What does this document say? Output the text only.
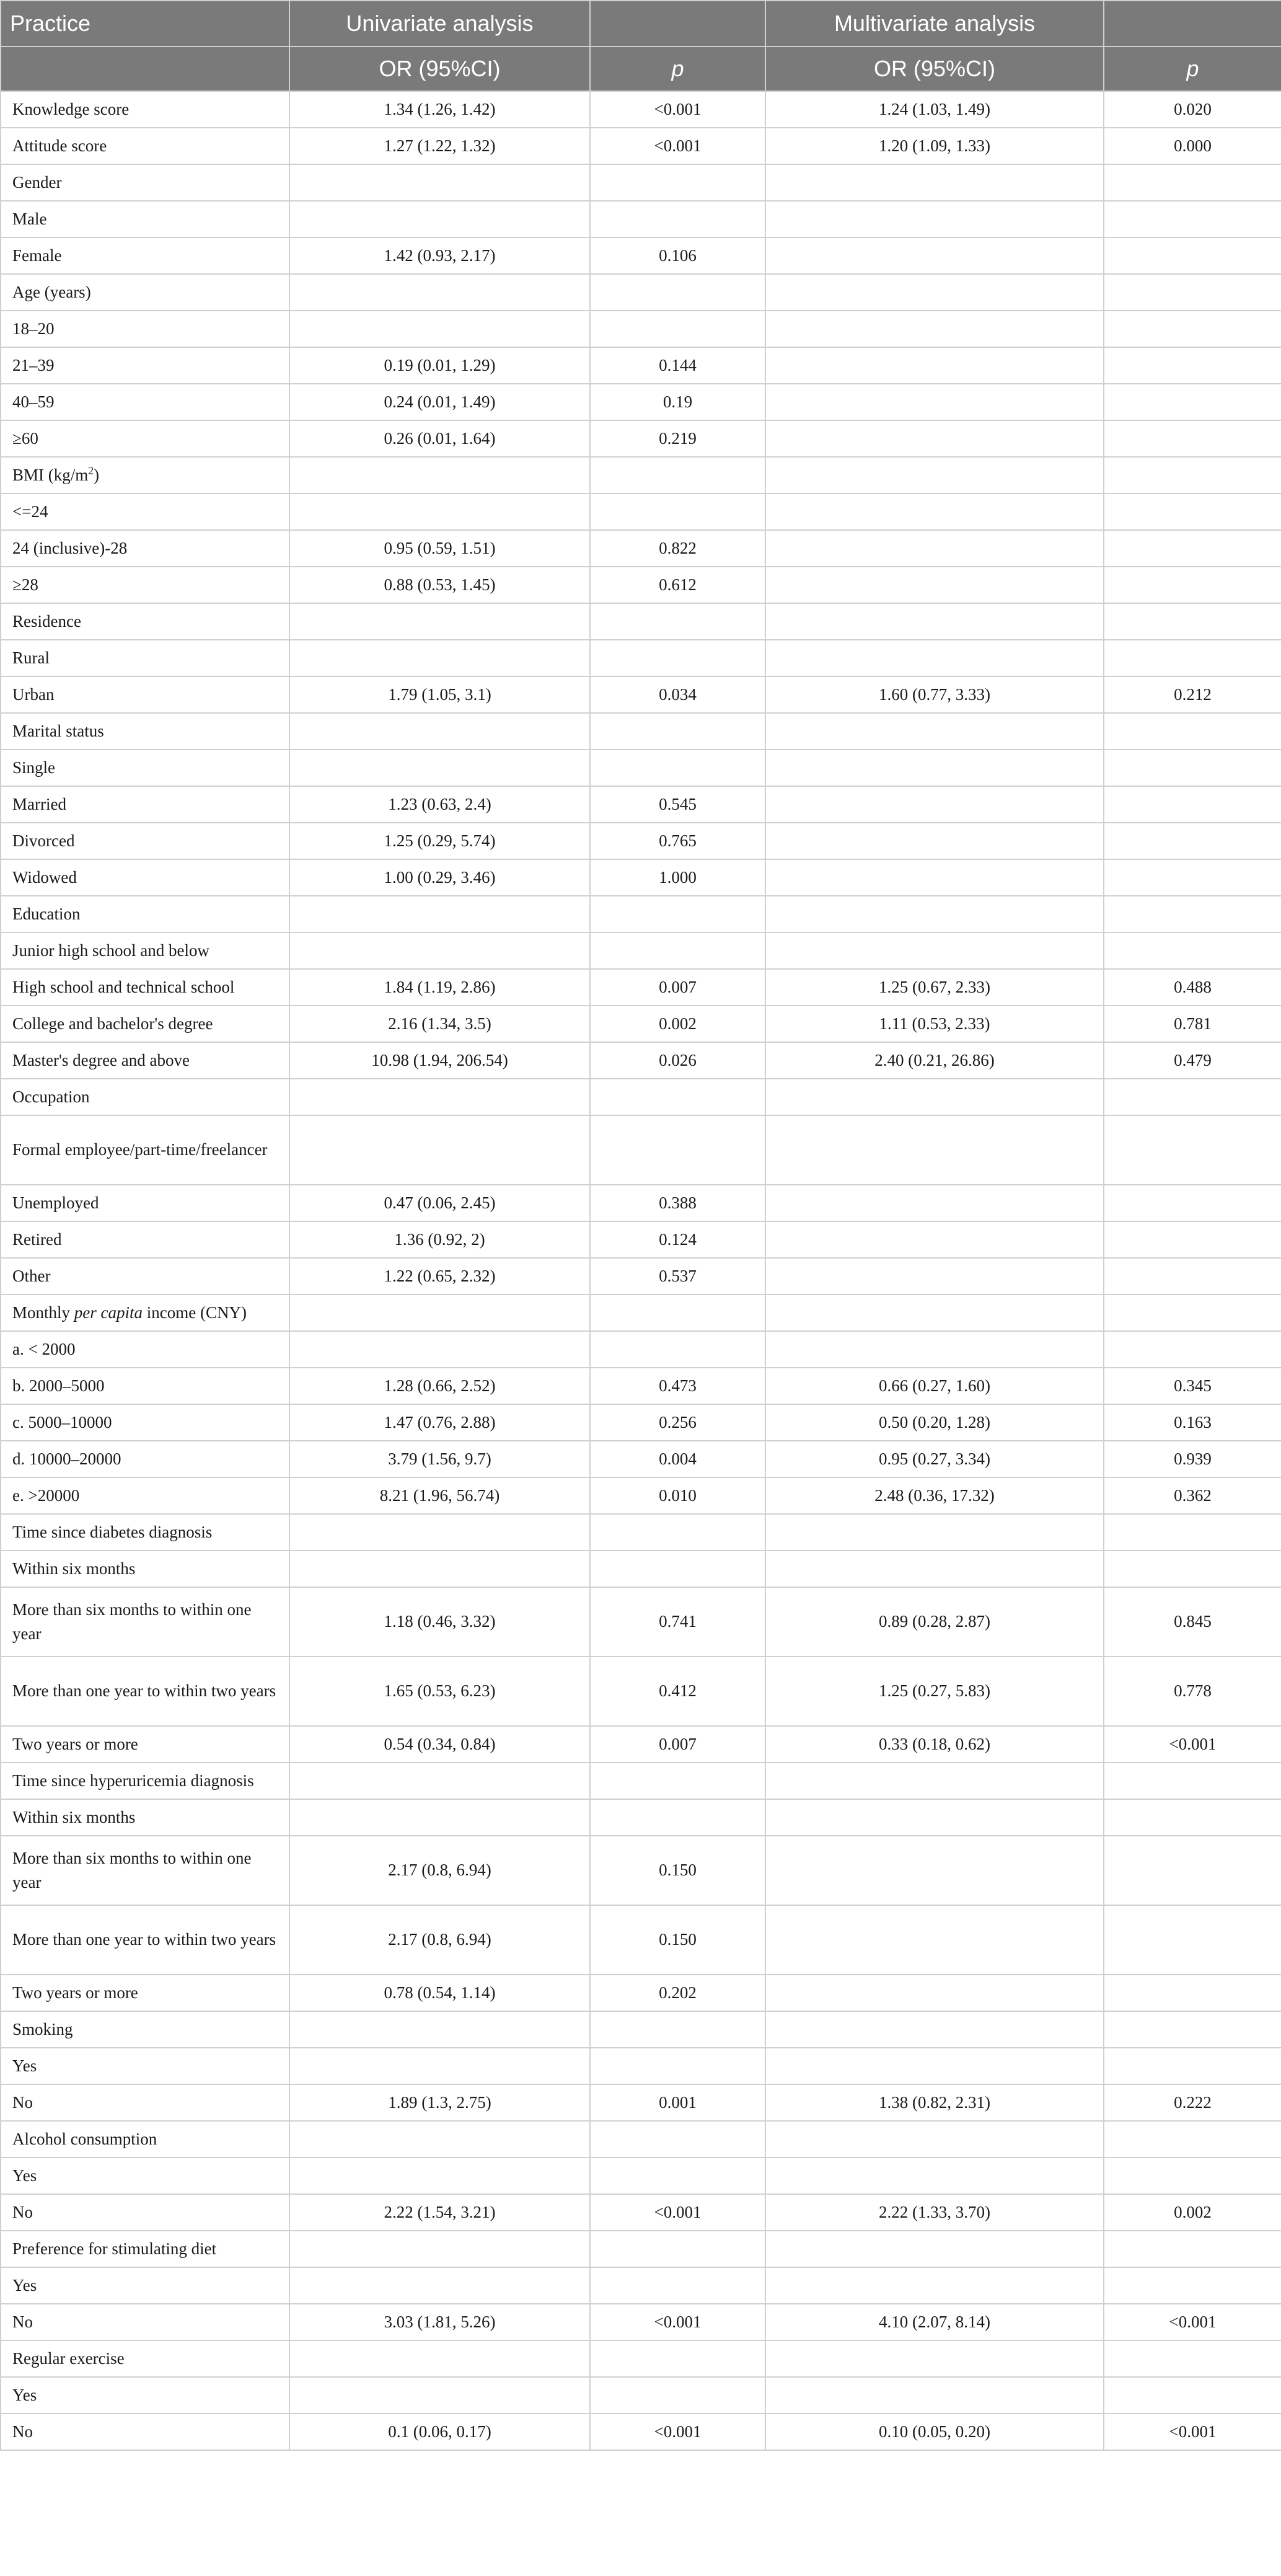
Practice	Univariate analysis		Multivariate analysis	
	OR (95%CI)	p	OR (95%CI)	p
Knowledge score	1.34 (1.26, 1.42)	<0.001	1.24 (1.03, 1.49)	0.020
Attitude score	1.27 (1.22, 1.32)	<0.001	1.20 (1.09, 1.33)	0.000
Gender				
Male				
Female	1.42 (0.93, 2.17)	0.106		
Age (years)				
18–20				
21–39	0.19 (0.01, 1.29)	0.144		
40–59	0.24 (0.01, 1.49)	0.19		
≥60	0.26 (0.01, 1.64)	0.219		
BMI $(kg/m^2)$				
<=24				
24 (inclusive)-28	0.95 (0.59, 1.51)	0.822		
≥28	0.88 (0.53, 1.45)	0.612		
Residence				
Rural				
Urban	1.79 (1.05, 3.1)	0.034	1.60 (0.77, 3.33)	0.212
Marital status				
Single				
Married	1.23 (0.63, 2.4)	0.545		
Divorced	1.25 (0.29, 5.74)	0.765		
Widowed	1.00 (0.29, 3.46)	1.000		
Education				
Junior high school and below				
High school and technical school	1.84 (1.19, 2.86)	0.007	1.25 (0.67, 2.33)	0.488
College and bachelor's degree	2.16 (1.34, 3.5)	0.002	1.11 (0.53, 2.33)	0.781
Master's degree and above	10.98 (1.94, 206.54)	0.026	2.40 (0.21, 26.86)	0.479
Occupation				
Formal employee/part-time/freelancer				
Unemployed	0.47 (0.06, 2.45)	0.388		
Retired	1.36 (0.92, 2)	0.124		
Other	1.22 (0.65, 2.32)	0.537		
Monthly per capita income (CNY)				
a. < 2000				
b. 2000–5000	1.28 (0.66, 2.52)	0.473	0.66 (0.27, 1.60)	0.345
c. 5000–10000	1.47 (0.76, 2.88)	0.256	0.50 (0.20, 1.28)	0.163
d. 10000–20000	3.79 (1.56, 9.7)	0.004	0.95 (0.27, 3.34)	0.939
e. >20000	8.21 (1.96, 56.74)	0.010	2.48 (0.36, 17.32)	0.362
Time since diabetes diagnosis				
Within six months				
More than six months to within one year	1.18 (0.46, 3.32)	0.741	0.89 (0.28, 2.87)	0.845
More than one year to within two years	1.65 (0.53, 6.23)	0.412	1.25 (0.27, 5.83)	0.778
Two years or more	0.54 (0.34, 0.84)	0.007	0.33 (0.18, 0.62)	<0.001
Time since hyperuricemia diagnosis				
Within six months				
More than six months to within one year	2.17 (0.8, 6.94)	0.150		
More than one year to within two years	2.17 (0.8, 6.94)	0.150		
Two years or more	0.78 (0.54, 1.14)	0.202		
Smoking				
Yes				
No	1.89 (1.3, 2.75)	0.001	1.38 (0.82, 2.31)	0.222
Alcohol consumption				
Yes				
No	2.22 (1.54, 3.21)	<0.001	2.22 (1.33, 3.70)	0.002
Preference for stimulating diet				
Yes				
No	3.03 (1.81, 5.26)	<0.001	4.10 (2.07, 8.14)	<0.001
Regular exercise				
Yes				
No	0.1 (0.06, 0.17)	<0.001	0.10 (0.05, 0.20)	<0.001
